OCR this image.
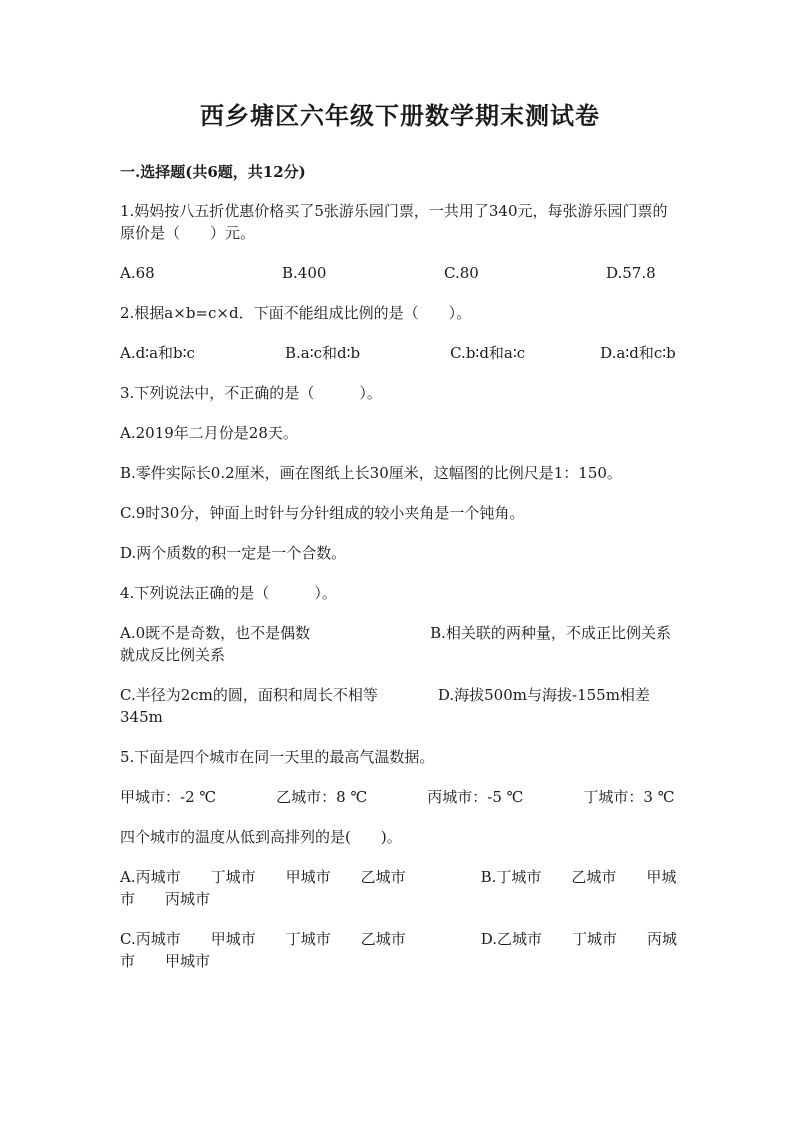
西乡塘区六年级下册数学期末测试卷
一.选择题(共6题，共12分)
1.妈妈按八五折优惠价格买了5张游乐园门票，一共用了340元，每张游乐园门票的原价是（　　）元。
A.68	B.400	C.80	D.57.8
2.根据a×b=c×d．下面不能组成比例的是（　　）。
A.d∶a和b∶c　　　　　　B.a∶c和d∶b　　　　　　C.b∶d和a∶c　　　　　D.a∶d和c∶b
3.下列说法中，不正确的是（　　　）。
A.2019年二月份是28天。
B.零件实际长0.2厘米，画在图纸上长30厘米，这幅图的比例尺是1：150。
C.9时30分，钟面上时针与分针组成的较小夹角是一个钝角。
D.两个质数的积一定是一个合数。
4.下列说法正确的是（　　　）。
A.0既不是奇数，也不是偶数　　　　　　　　B.相关联的两种量，不成正比例关系就成反比例关系
C.半径为2cm的圆，面积和周长不相等　　　　D.海拔500m与海拔-155m相差345m
5.下面是四个城市在同一天里的最高气温数据。
甲城市：-2 ℃　　　　乙城市：8 ℃　　　　丙城市：-5 ℃　　　　丁城市：3 ℃
四个城市的温度从低到高排列的是(　　)。
A.丙城市　　丁城市　　甲城市　　乙城市　　　　　B.丁城市　　乙城市　　甲城市　　丙城市
C.丙城市　　甲城市　　丁城市　　乙城市　　　　　D.乙城市　　丁城市　　丙城市　　甲城市
